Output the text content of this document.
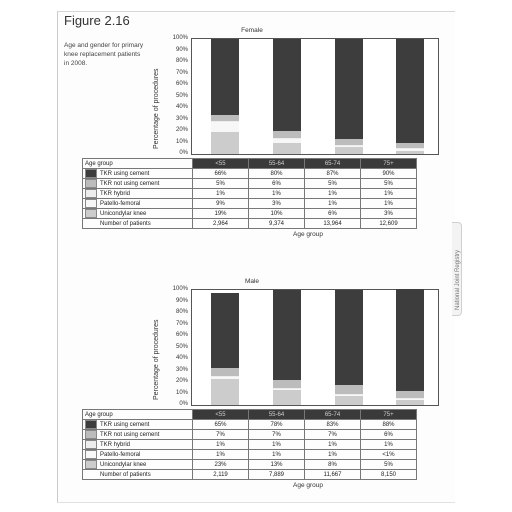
National Joint Registry
Figure 2.16
Age and gender for primary knee replacement patients in 2008.
Female
Percentage of procedures
100%
90%
80%
70%
60%
50%
40%
30%
20%
10%
0%
Age group	<55	55-64	65-74	75+
TKR using cement	66%	80%	87%	90%
TKR not using cement	5%	6%	5%	5%
TKR hybrid	1%	1%	1%	1%
Patello-femoral	9%	3%	1%	1%
Unicondylar knee	19%	10%	6%	3%
Number of patients	2,964	9,374	13,964	12,609
Age group
Male
Percentage of procedures
100%
90%
80%
70%
60%
50%
40%
30%
20%
10%
0%
Age group	<55	55-64	65-74	75+
TKR using cement	65%	78%	83%	88%
TKR not using cement	7%	7%	7%	6%
TKR hybrid	1%	1%	1%	1%
Patello-femoral	1%	1%	1%	<1%
Unicondylar knee	23%	13%	8%	5%
Number of patients	2,119	7,889	11,667	8,150
Age group
